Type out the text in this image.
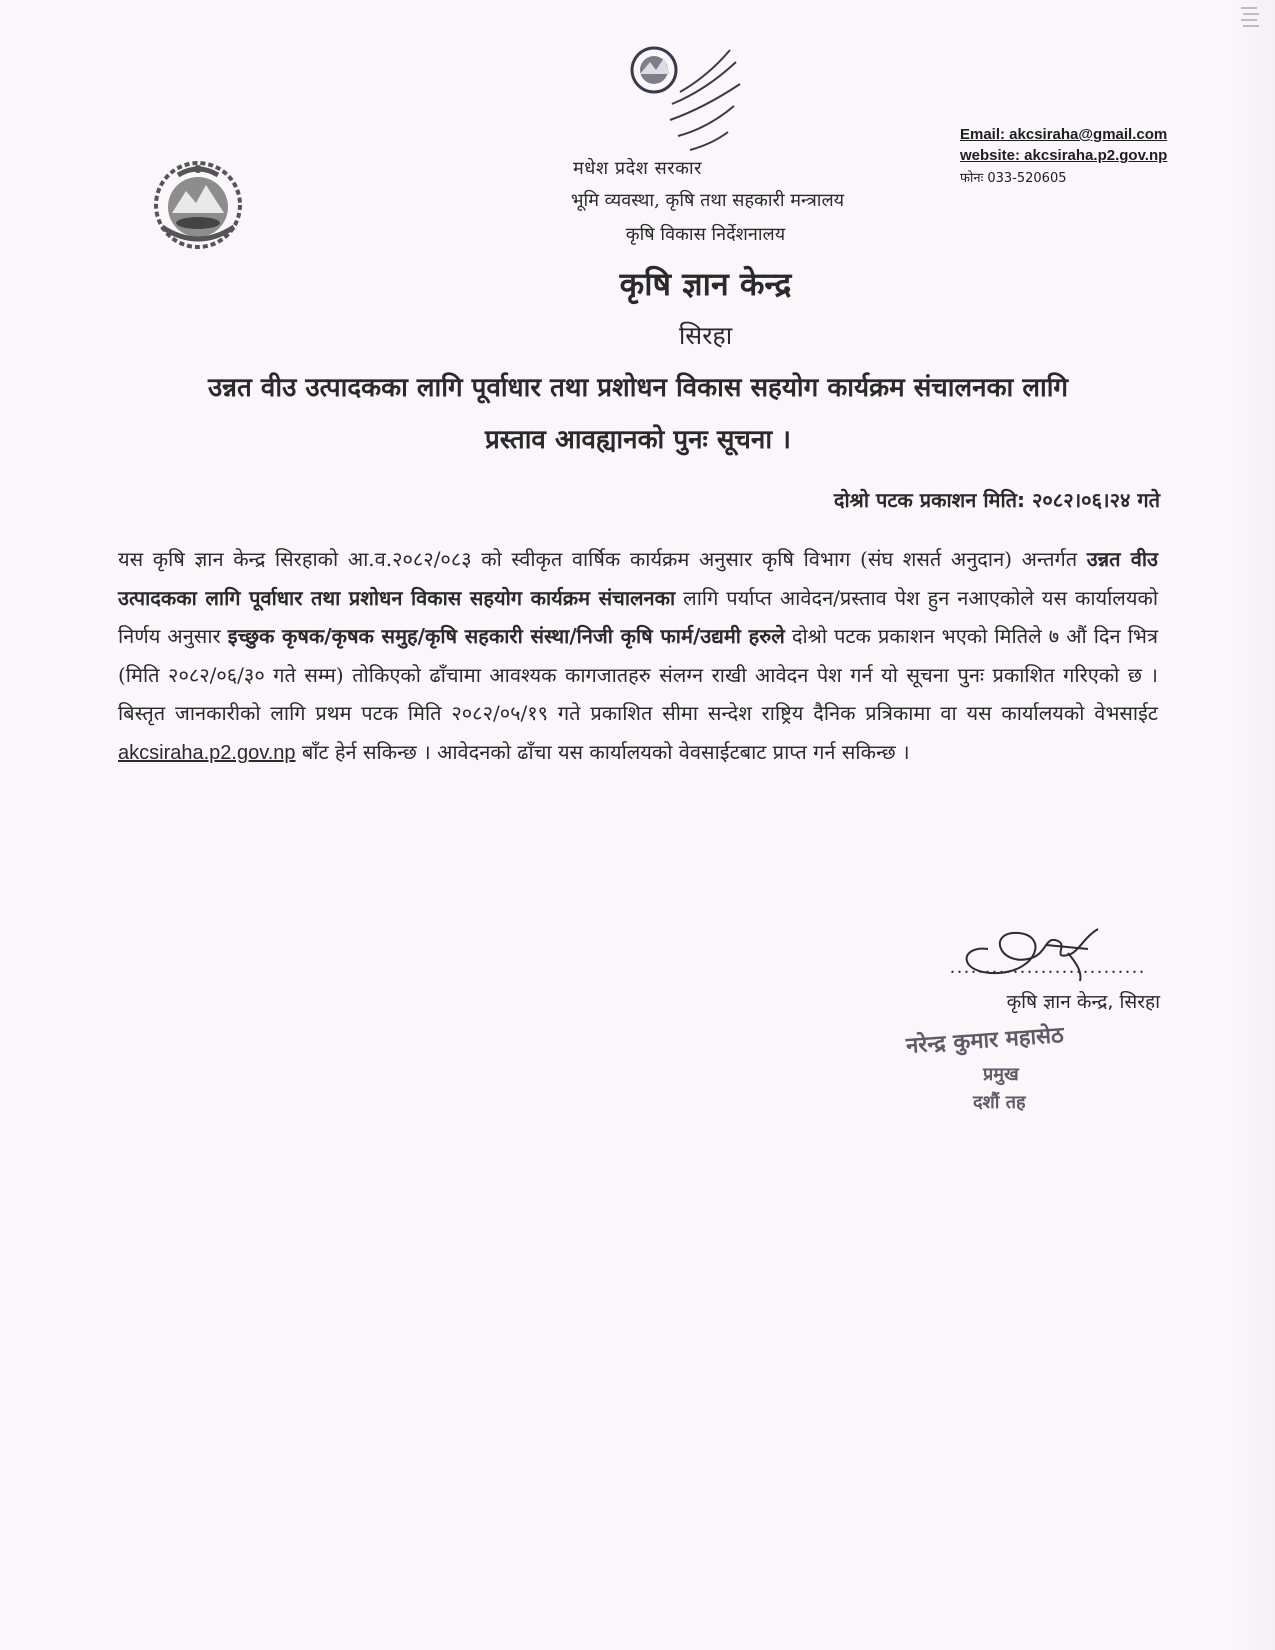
Email: akcsiraha@gmail.com
website: akcsiraha.p2.gov.np
फोनः 033-520605
मधेश प्रदेश सरकार
भूमि व्यवस्था, कृषि तथा सहकारी मन्त्रालय
कृषि विकास निर्देशनालय
कृषि ज्ञान केन्द्र
सिरहा
उन्नत वीउ उत्पादकका लागि पूर्वाधार तथा प्रशोधन विकास सहयोग कार्यक्रम संचालनका लागि
प्रस्ताव आवह्यानको पुनः सूचना ।
दोश्रो पटक प्रकाशन मिति: २०८२।०६।२४ गते
यस कृषि ज्ञान केन्द्र सिरहाको आ.व.२०८२/०८३ को स्वीकृत वार्षिक कार्यक्रम अनुसार कृषि विभाग (संघ शसर्त अनुदान) अन्तर्गत उन्नत वीउ उत्पादकका लागि पूर्वाधार तथा प्रशोधन विकास सहयोग कार्यक्रम संचालनका लागि पर्याप्त आवेदन/प्रस्ताव पेश हुन नआएकोले यस कार्यालयको निर्णय अनुसार इच्छुक कृषक/कृषक समुह/कृषि सहकारी संस्था/निजी कृषि फार्म/उद्यमी हरुले दोश्रो पटक प्रकाशन भएको मितिले ७ औं दिन भित्र (मिति २०८२/०६/३० गते सम्म) तोकिएको ढाँचामा आवश्यक कागजातहरु संलग्न राखी आवेदन पेश गर्न यो सूचना पुनः प्रकाशित गरिएको छ । बिस्तृत जानकारीको लागि प्रथम पटक मिति २०८२/०५/१९ गते प्रकाशित सीमा सन्देश राष्ट्रिय दैनिक प्रत्रिकामा वा यस कार्यालयको वेभसाईट akcsiraha.p2.gov.np बाँट हेर्न सकिन्छ । आवेदनको ढाँचा यस कार्यालयको वेवसाईटबाट प्राप्त गर्न सकिन्छ ।
............................
कृषि ज्ञान केन्द्र, सिरहा
नरेन्द्र कुमार महासेठ
प्रमुख
दशौं तह
